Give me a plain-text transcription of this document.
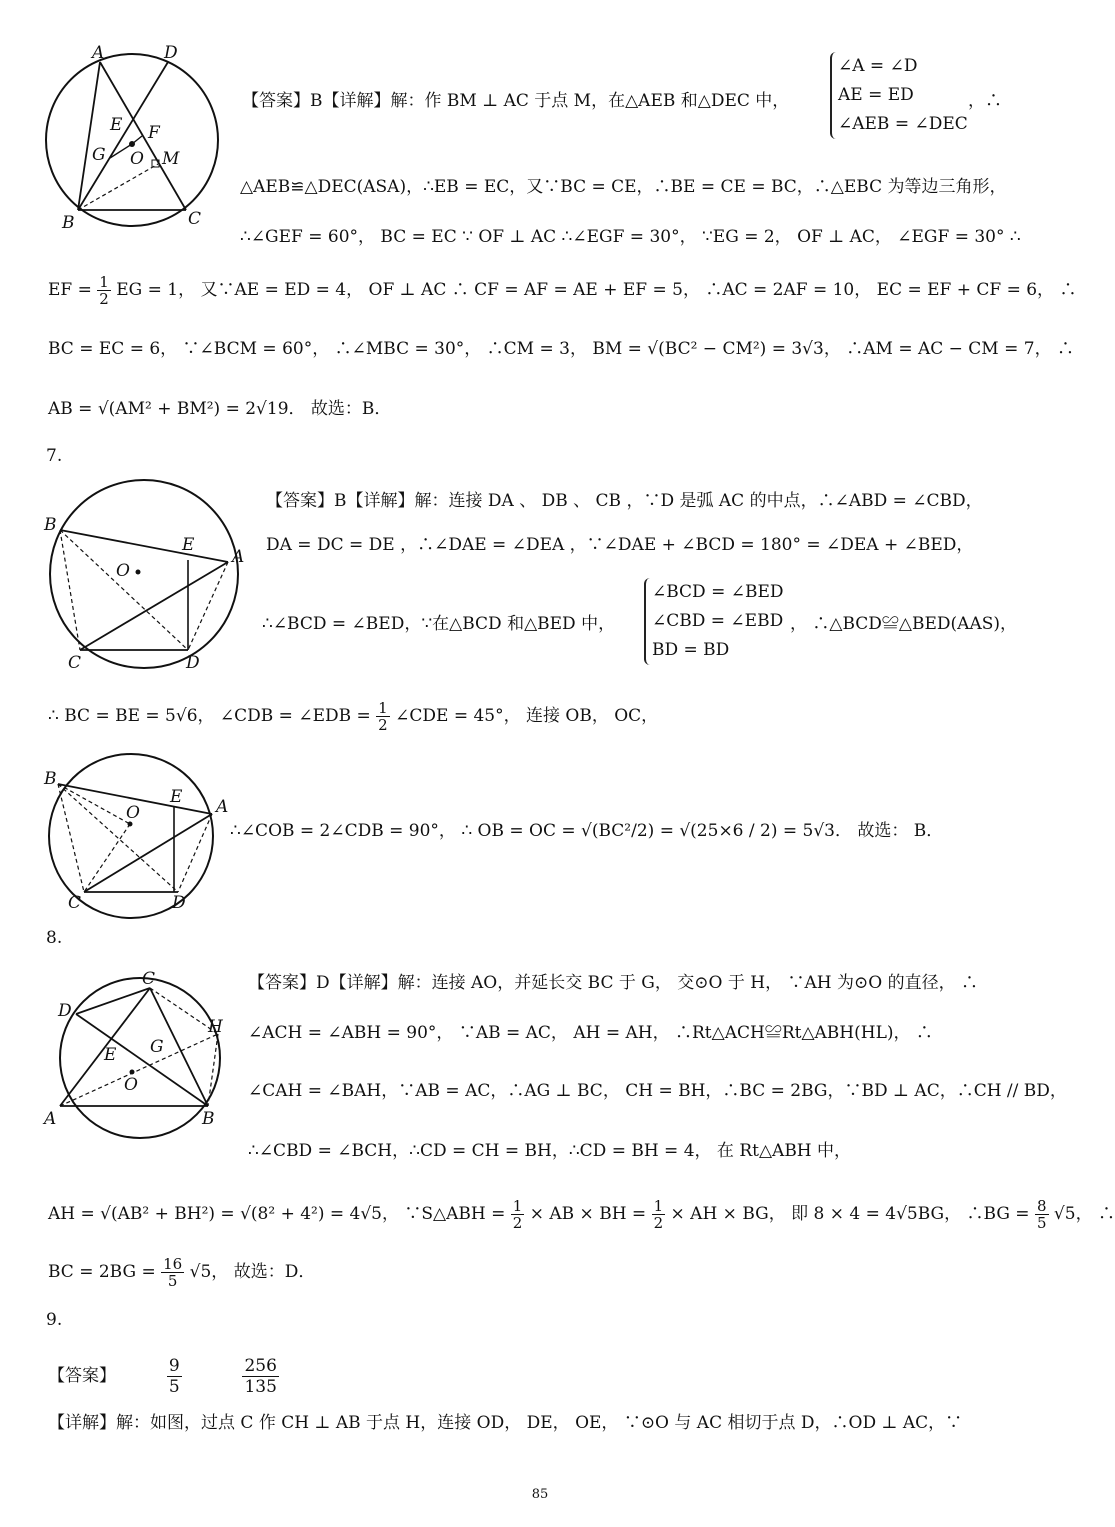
A	D
E F
G O M
B	C
【答案】B【详解】解：作 BM ⊥ AC 于点 M，在△AEB 和△DEC 中，
∠A = ∠D
AE = ED
∠AEB = ∠DEC
，∴
△AEB≌△DEC(ASA)，∴EB = EC，又∵BC = CE，∴BE = CE = BC，∴△EBC 为等边三角形，
∴∠GEF = 60°， BC = EC ∵ OF ⊥ AC ∴∠EGF = 30°， ∵EG = 2， OF ⊥ AC， ∠EGF = 30° ∴
EF = $\frac{1}{2}$ EG = 1， 又∵AE = ED = 4， OF ⊥ AC ∴ CF = AF = AE + EF = 5， ∴AC = 2AF = 10， EC = EF + CF = 6， ∴
BC = EC = 6， ∵∠BCM = 60°， ∴∠MBC = 30°， ∴CM = 3， BM = √(BC² − CM²) = 3√3， ∴AM = AC − CM = 7， ∴
AB = √(AM² + BM²) = 2√19． 故选：B．
7.
B
E
A
O
C	D
【答案】B【详解】解：连接 DA 、 DB 、 CB ，∵D 是弧 AC 的中点，∴∠ABD = ∠CBD，
DA = DC = DE ，∴∠DAE = ∠DEA ，∵∠DAE + ∠BCD = 180° = ∠DEA + ∠BED，
∴∠BCD = ∠BED，∵在△BCD 和△BED 中，
∠BCD = ∠BED
∠CBD = ∠EBD
BD = BD
， ∴△BCD≌△BED(AAS)，
∴ BC = BE = 5√6， ∠CDB = ∠EDB = $\frac{1}{2}$ ∠CDE = 45°， 连接 OB， OC，
B
E A
O
C	D
∴∠COB = 2∠CDB = 90°， ∴ OB = OC = √(BC²/2) = √(25×6 / 2) = 5√3． 故选： B．
8.
C
D
H
E G
O
A	B
【答案】D【详解】解：连接 AO，并延长交 BC 于 G， 交⊙O 于 H， ∵AH 为⊙O 的直径， ∴
∠ACH = ∠ABH = 90°， ∵AB = AC， AH = AH， ∴Rt△ACH≌Rt△ABH(HL)， ∴
∠CAH = ∠BAH，∵AB = AC，∴AG ⊥ BC， CH = BH，∴BC = 2BG，∵BD ⊥ AC，∴CH // BD，
∴∠CBD = ∠BCH，∴CD = CH = BH，∴CD = BH = 4， 在 Rt△ABH 中，
AH = √(AB² + BH²) = √(8² + 4²) = 4√5， ∵S△ABH = $\frac{1}{2}$ × AB × BH = $\frac{1}{2}$ × AH × BG， 即 8 × 4 = 4√5BG， ∴BG = $\frac{8}{5} √5$， ∴
BC = $2BG = \frac{16}{5} √5$， 故选：D．
9.
【答案】	$\frac{9}{5}$
	$\frac{256}{135}$
【详解】解：如图，过点 C 作 CH ⊥ AB 于点 H，连接 OD， DE， OE， ∵⊙O 与 AC 相切于点 D，∴OD ⊥ AC，∵
85
